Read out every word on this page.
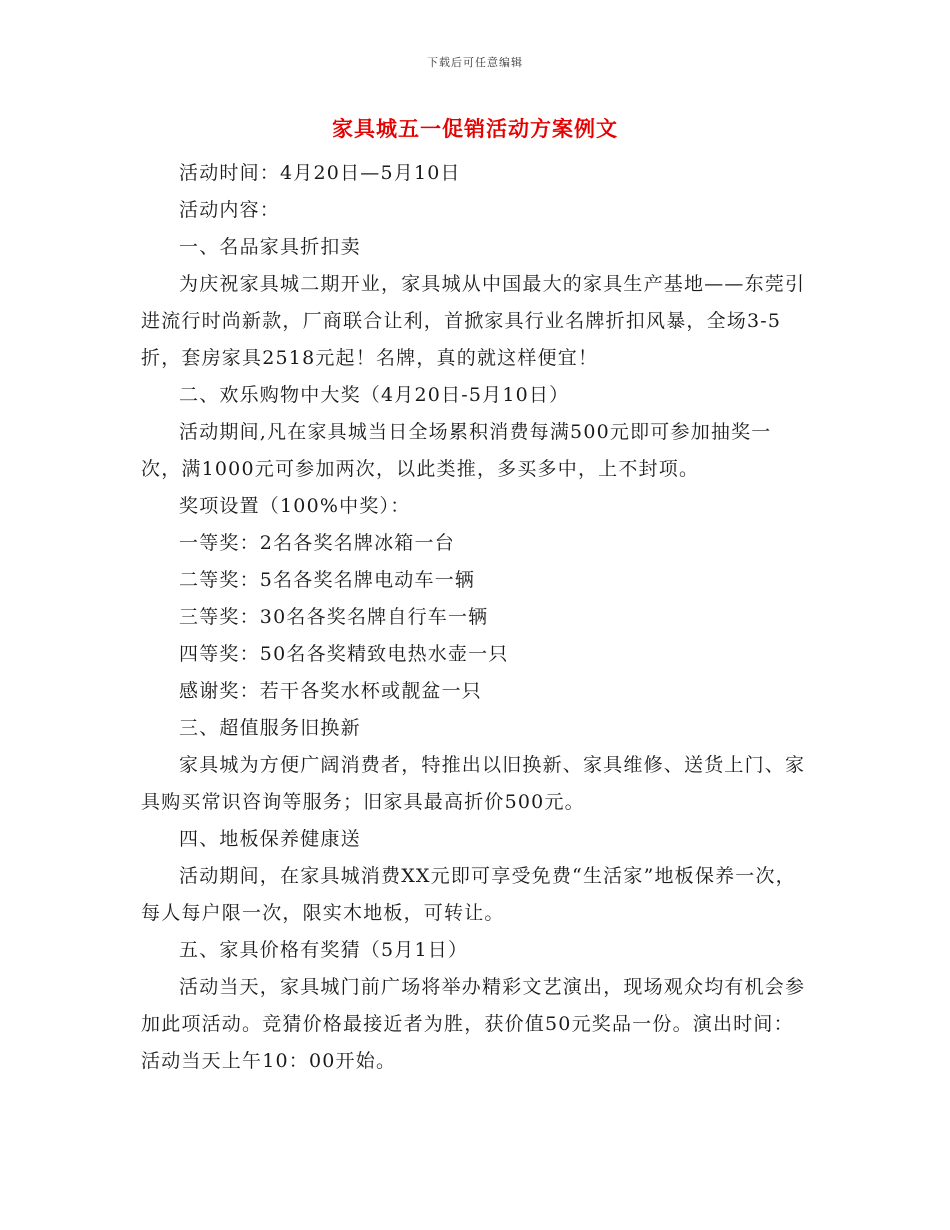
下载后可任意编辑
家具城五一促销活动方案例文

活动时间：4月20日—5月10日

活动内容：

一、名品家具折扣卖

为庆祝家具城二期开业，家具城从中国最大的家具生产基地——东莞引进流行时尚新款，厂商联合让利，首掀家具行业名牌折扣风暴，全场3-5折，套房家具2518元起！名牌，真的就这样便宜！

二、欢乐购物中大奖（4月20日-5月10日）

活动期间,凡在家具城当日全场累积消费每满500元即可参加抽奖一次，满1000元可参加两次，以此类推，多买多中，上不封项。

奖项设置（100%中奖）：

一等奖：2名各奖名牌冰箱一台

二等奖：5名各奖名牌电动车一辆

三等奖：30名各奖名牌自行车一辆

四等奖：50名各奖精致电热水壶一只

感谢奖：若干各奖水杯或靓盆一只

三、超值服务旧换新

家具城为方便广阔消费者，特推出以旧换新、家具维修、送货上门、家具购买常识咨询等服务；旧家具最高折价500元。

四、地板保养健康送

活动期间，在家具城消费XX元即可享受免费“生活家”地板保养一次，每人每户限一次，限实木地板，可转让。

五、家具价格有奖猜（5月1日）

活动当天，家具城门前广场将举办精彩文艺演出，现场观众均有机会参加此项活动。竞猜价格最接近者为胜，获价值50元奖品一份。演出时间：活动当天上午10：00开始。
